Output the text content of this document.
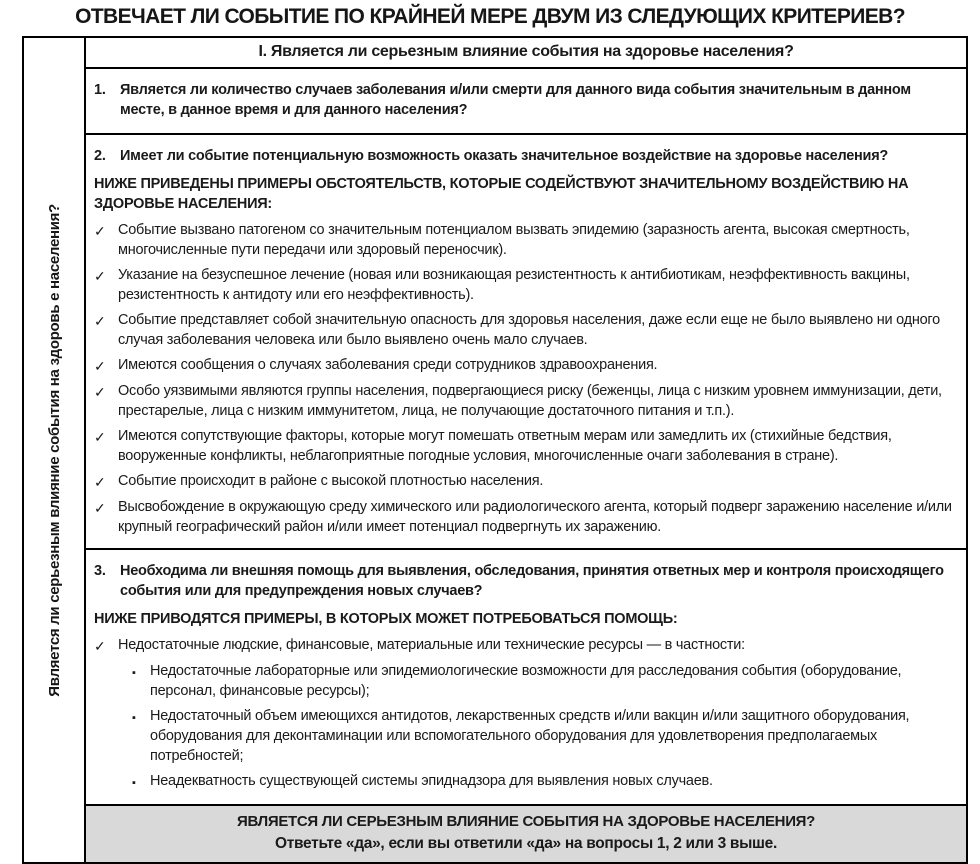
ОТВЕЧАЕТ ЛИ СОБЫТИЕ ПО КРАЙНЕЙ МЕРЕ ДВУМ ИЗ СЛЕДУЮЩИХ КРИТЕРИЕВ?
Является ли серьезным влияние события на здоровь е населения?
I. Является ли серьезным влияние события на здоровье населения?
1. Является ли количество случаев заболевания и/или смерти для данного вида события значительным в данном месте, в данное время и для данного населения?
2. Имеет ли событие потенциальную возможность оказать значительное воздействие на здоровье населения?
НИЖЕ ПРИВЕДЕНЫ ПРИМЕРЫ ОБСТОЯТЕЛЬСТВ, КОТОРЫЕ СОДЕЙСТВУЮТ ЗНАЧИТЕЛЬНОМУ ВОЗДЕЙСТВИЮ НА ЗДОРОВЬЕ НАСЕЛЕНИЯ:
✓ Событие вызвано патогеном со значительным потенциалом вызвать эпидемию (заразность агента, высокая смертность, многочисленные пути передачи или здоровый переносчик).
✓ Указание на безуспешное лечение (новая или возникающая резистентность к антибиотикам, неэффективность вакцины, резистентность к антидоту или его неэффективность).
✓ Событие представляет собой значительную опасность для здоровья населения, даже если еще не было выявлено ни одного случая заболевания человека или было выявлено очень мало случаев.
✓ Имеются сообщения о случаях заболевания среди сотрудников здравоохранения.
✓ Особо уязвимыми являются группы населения, подвергающиеся риску (беженцы, лица с низким уровнем иммунизации, дети, престарелые, лица с низким иммунитетом, лица, не получающие достаточного питания и т.п.).
✓ Имеются сопутствующие факторы, которые могут помешать ответным мерам или замедлить их (стихийные бедствия, вооруженные конфликты, неблагоприятные погодные условия, многочисленные очаги заболевания в стране).
✓ Событие происходит в районе с высокой плотностью населения.
✓ Высвобождение в окружающую среду химического или радиологического агента, который подверг заражению население и/или крупный географический район и/или имеет потенциал подвергнуть их заражению.
3. Необходима ли внешняя помощь для выявления, обследования, принятия ответных мер и контроля происходящего события или для предупреждения новых случаев?
НИЖЕ ПРИВОДЯТСЯ ПРИМЕРЫ, В КОТОРЫХ МОЖЕТ ПОТРЕБОВАТЬСЯ ПОМОЩЬ:
✓ Недостаточные людские, финансовые, материальные или технические ресурсы — в частности:
▪ Недостаточные лабораторные или эпидемиологические возможности для расследования события (оборудование, персонал, финансовые ресурсы);
▪ Недостаточный объем имеющихся антидотов, лекарственных средств и/или вакцин и/или защитного оборудования, оборудования для деконтаминации или вспомогательного оборудования для удовлетворения предполагаемых потребностей;
▪ Неадекватность существующей системы эпиднадзора для выявления новых случаев.
ЯВЛЯЕТСЯ ЛИ СЕРЬЕЗНЫМ ВЛИЯНИЕ СОБЫТИЯ НА ЗДОРОВЬЕ НАСЕЛЕНИЯ?
Ответьте «да», если вы ответили «да» на вопросы 1, 2 или 3 выше.
